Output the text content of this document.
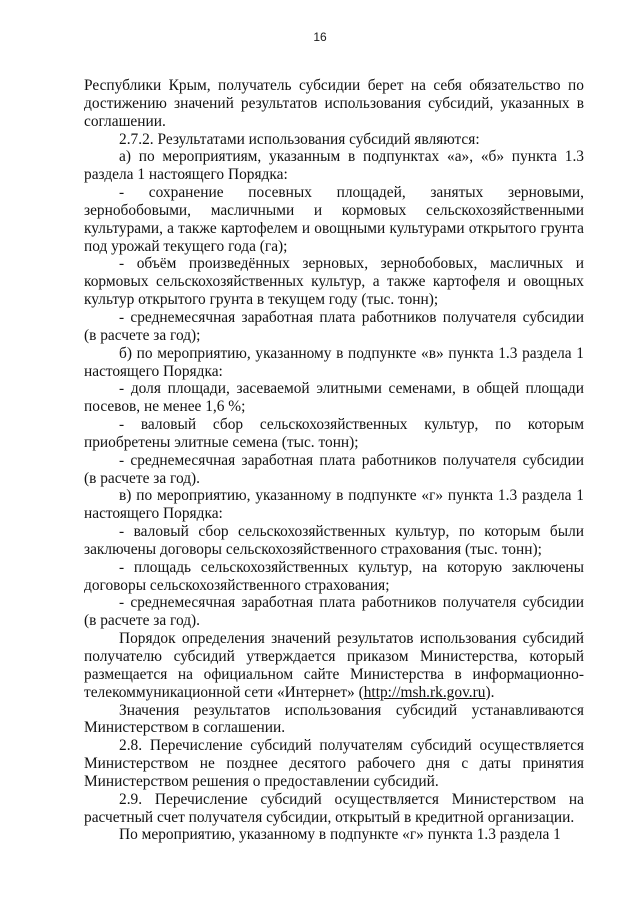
16

Республики Крым, получатель субсидии берет на себя обязательство по достижению значений результатов использования субсидий, указанных в соглашении.

2.7.2. Результатами использования субсидий являются:

а) по мероприятиям, указанным в подпунктах «а», «б» пункта 1.3 раздела 1 настоящего Порядка:

- сохранение посевных площадей, занятых зерновыми, зернобобовыми, масличными и кормовых сельскохозяйственными культурами, а также картофелем и овощными культурами открытого грунта под урожай текущего года (га);

- объём произведённых зерновых, зернобобовых, масличных и кормовых сельскохозяйственных культур, а также картофеля и овощных культур открытого грунта в текущем году (тыс. тонн);

- среднемесячная заработная плата работников получателя субсидии (в расчете за год);

б) по мероприятию, указанному в подпункте «в» пункта 1.3 раздела 1 настоящего Порядка:

- доля площади, засеваемой элитными семенами, в общей площади посевов, не менее 1,6 %;

- валовый сбор сельскохозяйственных культур, по которым приобретены элитные семена (тыс. тонн);

- среднемесячная заработная плата работников получателя субсидии (в расчете за год).

в) по мероприятию, указанному в подпункте «г» пункта 1.3 раздела 1 настоящего Порядка:

- валовый сбор сельскохозяйственных культур, по которым были заключены договоры сельскохозяйственного страхования (тыс. тонн);

- площадь сельскохозяйственных культур, на которую заключены договоры сельскохозяйственного страхования;

- среднемесячная заработная плата работников получателя субсидии (в расчете за год).

Порядок определения значений результатов использования субсидий получателю субсидий утверждается приказом Министерства, который размещается на официальном сайте Министерства в информационно-телекоммуникационной сети «Интернет» (http://msh.rk.gov.ru).

Значения результатов использования субсидий устанавливаются Министерством в соглашении.

2.8. Перечисление субсидий получателям субсидий осуществляется Министерством не позднее десятого рабочего дня с даты принятия Министерством решения о предоставлении субсидий.

2.9. Перечисление субсидий осуществляется Министерством на расчетный счет получателя субсидии, открытый в кредитной организации.

По мероприятию, указанному в подпункте «г» пункта 1.3 раздела 1
